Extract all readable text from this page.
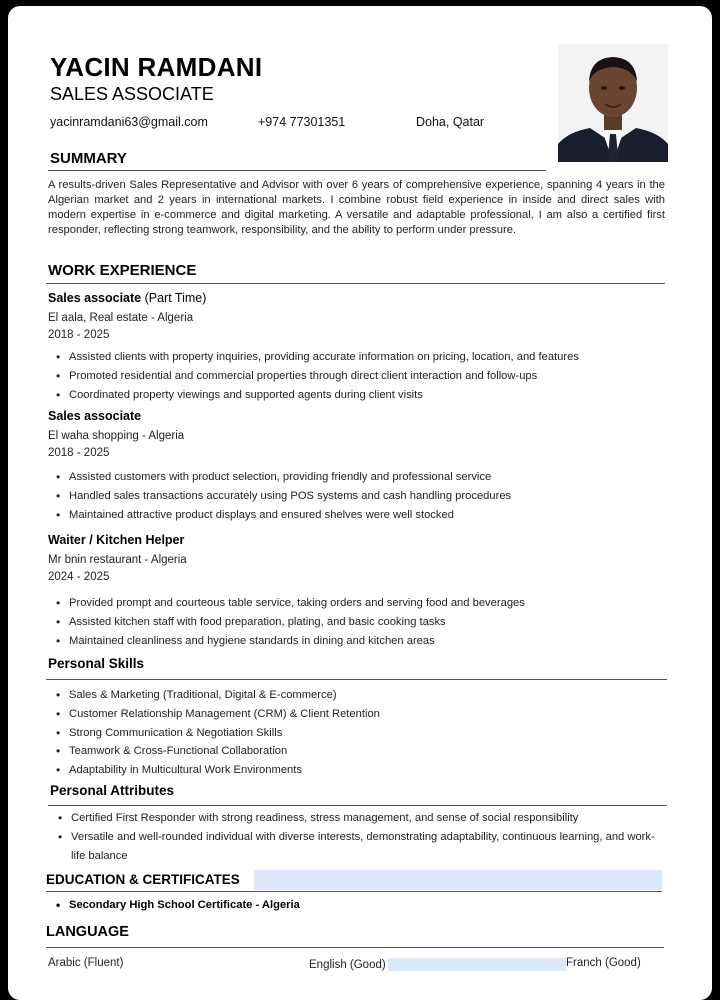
YACIN RAMDANI
SALES ASSOCIATE
yacinramdani63@gmail.com	+974 77301351	Doha, Qatar
SUMMARY
A results-driven Sales Representative and Advisor with over 6 years of comprehensive experience, spanning 4 years in the Algerian market and 2 years in international markets. I combine robust field experience in inside and direct sales with modern expertise in e-commerce and digital marketing. A versatile and adaptable professional, I am also a certified first responder, reflecting strong teamwork, responsibility, and the ability to perform under pressure.
WORK EXPERIENCE
Sales associate (Part Time)
El aala, Real estate - Algeria
2018 - 2025
• Assisted clients with property inquiries, providing accurate information on pricing, location, and features
• Promoted residential and commercial properties through direct client interaction and follow-ups
• Coordinated property viewings and supported agents during client visits
Sales associate
El waha shopping - Algeria
2018 - 2025
• Assisted customers with product selection, providing friendly and professional service
• Handled sales transactions accurately using POS systems and cash handling procedures
• Maintained attractive product displays and ensured shelves were well stocked
Waiter / Kitchen Helper
Mr bnin restaurant - Algeria
2024 - 2025
• Provided prompt and courteous table service, taking orders and serving food and beverages
• Assisted kitchen staff with food preparation, plating, and basic cooking tasks
• Maintained cleanliness and hygiene standards in dining and kitchen areas
Personal Skills
• Sales & Marketing (Traditional, Digital & E-commerce)
• Customer Relationship Management (CRM) & Client Retention
• Strong Communication & Negotiation Skills
• Teamwork & Cross-Functional Collaboration
• Adaptability in Multicultural Work Environments
Personal Attributes
• Certified First Responder with strong readiness, stress management, and sense of social responsibility
• Versatile and well-rounded individual with diverse interests, demonstrating adaptability, continuous learning, and work-life balance
EDUCATION & CERTIFICATES
• Secondary High School Certificate - Algeria
LANGUAGE
Arabic (Fluent)	English (Good)	Franch (Good)
